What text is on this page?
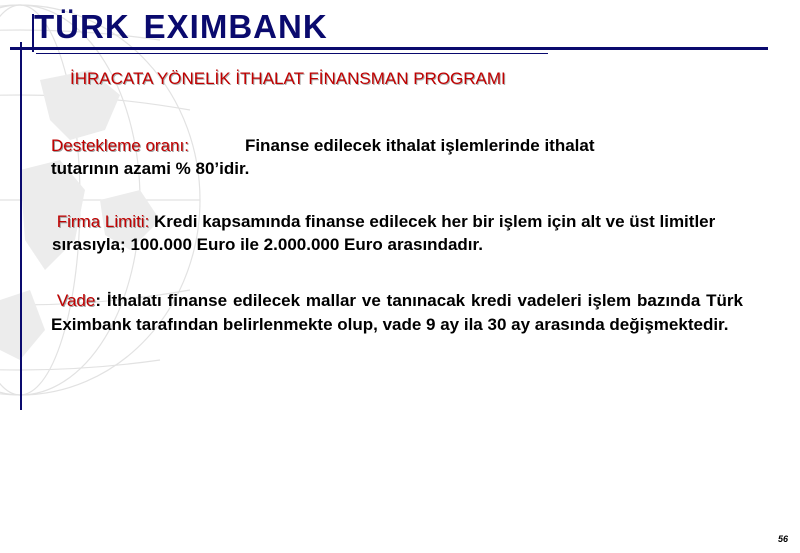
TÜRK EXIMBANK
İHRACATA YÖNELİK İTHALAT FİNANSMAN PROGRAMI
Destekleme oranı:	Finanse edilecek ithalat işlemlerinde ithalat
tutarının azami % 80’idir.
Firma Limiti: Kredi kapsamında finanse edilecek her bir işlem için alt ve üst limitler sırasıyla; 100.000 Euro ile 2.000.000 Euro arasındadır.
Vade: İthalatı finanse edilecek mallar ve tanınacak kredi vadeleri işlem bazında Türk Eximbank tarafından belirlenmekte olup, vade 9 ay ila 30 ay arasında değişmektedir.
56
